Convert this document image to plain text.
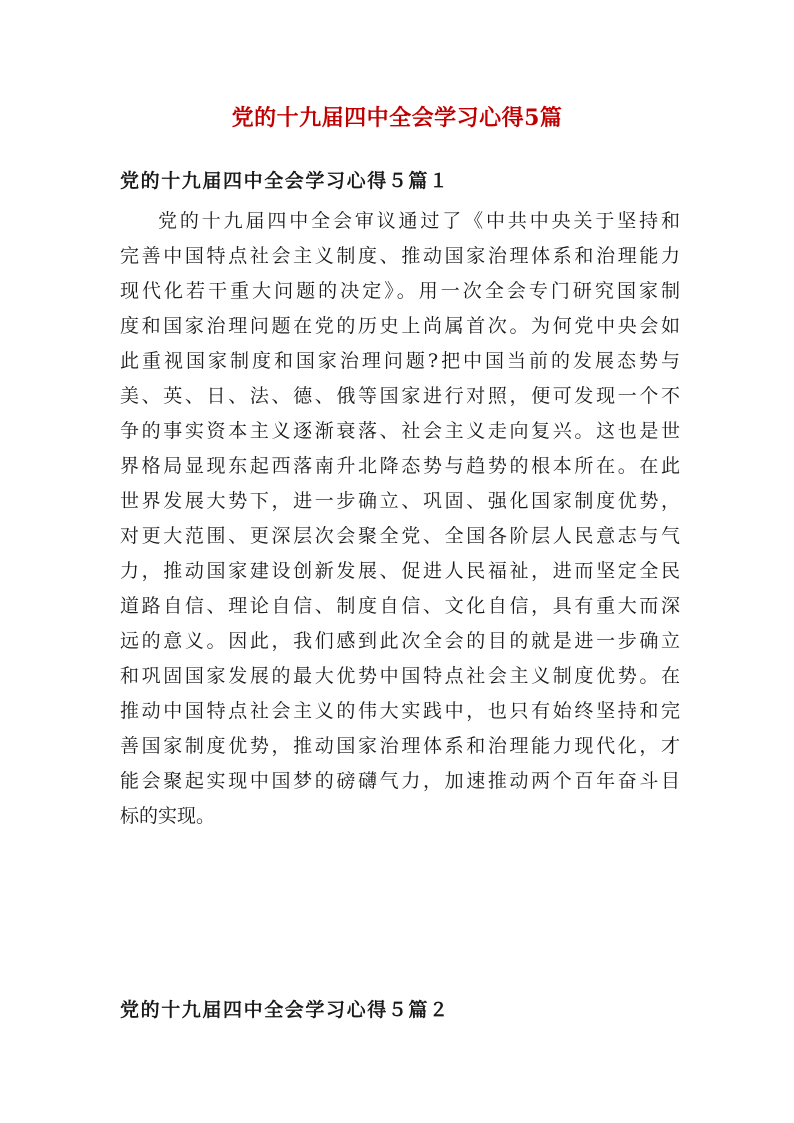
党的十九届四中全会学习心得5篇
党的十九届四中全会学习心得５篇１

党的十九届四中全会审议通过了《中共中央关于坚持和
完善中国特点社会主义制度、推动国家治理体系和治理能力
现代化若干重大问题的决定》。用一次全会专门研究国家制
度和国家治理问题在党的历史上尚属首次。为何党中央会如
此重视国家制度和国家治理问题?把中国当前的发展态势与
美、英、日、法、德、俄等国家进行对照，便可发现一个不
争的事实资本主义逐渐衰落、社会主义走向复兴。这也是世
界格局显现东起西落南升北降态势与趋势的根本所在。在此
世界发展大势下，进一步确立、巩固、强化国家制度优势，
对更大范围、更深层次会聚全党、全国各阶层人民意志与气
力，推动国家建设创新发展、促进人民福祉，进而坚定全民
道路自信、理论自信、制度自信、文化自信，具有重大而深
远的意义。因此，我们感到此次全会的目的就是进一步确立
和巩固国家发展的最大优势中国特点社会主义制度优势。在
推动中国特点社会主义的伟大实践中，也只有始终坚持和完
善国家制度优势，推动国家治理体系和治理能力现代化，才
能会聚起实现中国梦的磅礴气力，加速推动两个百年奋斗目
标的实现。

党的十九届四中全会学习心得５篇２
